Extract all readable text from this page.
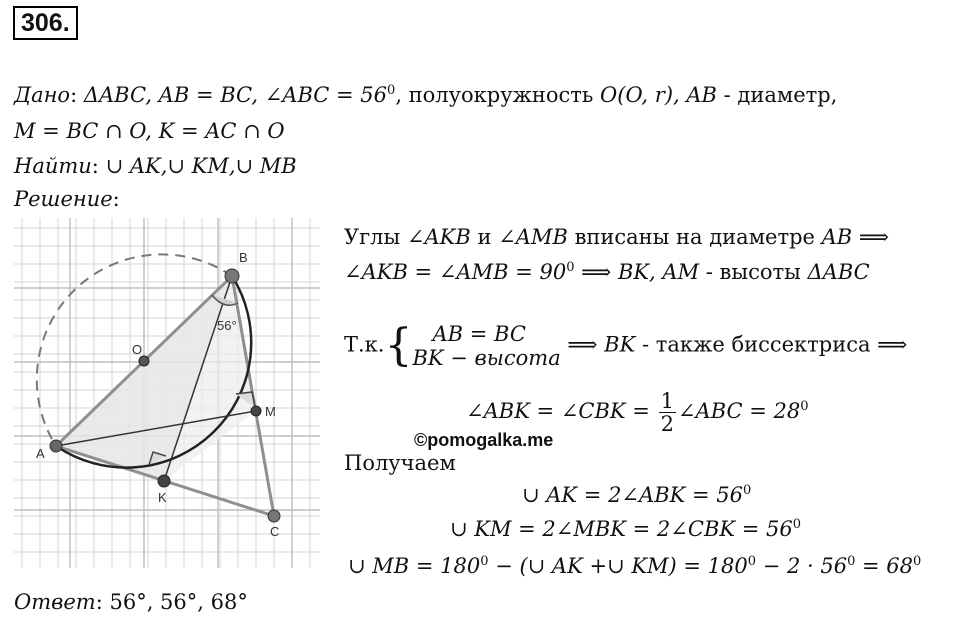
306.
Дано: ΔABC, AB = BC, ∠ABC = $56^0$, полуокружность O(O, r), AB - диаметр,
M = BC ∩ O, K = AC ∩ O
Найти: ∪ AK,∪ KM,∪ MB
Решение:
56°
A
B
C
O
M
K
Углы ∠AKB и ∠AMB вписаны на диаметре AB ⟹
∠AKB = ∠AMB = $90^0$ ⟹ BK, AM - высоты ΔABC
Т.к.{ AB = BC
BK − высота
⟹ BK - также биссектриса ⟹
∠ABK = ∠CBK = $\frac{1}{2}$ ∠ABC = $28^0$
©pomogalka.me
Получаем
∪ AK = 2∠ABK = $56^0$
∪ KM = 2∠MBK = 2∠CBK = $56^0$
∪ MB = $180^0$ − (∪ AK +∪ $KM) = 180^0 - 2 \cdot 56^0 = 68^0$
Ответ: 56°, 56°, 68°
